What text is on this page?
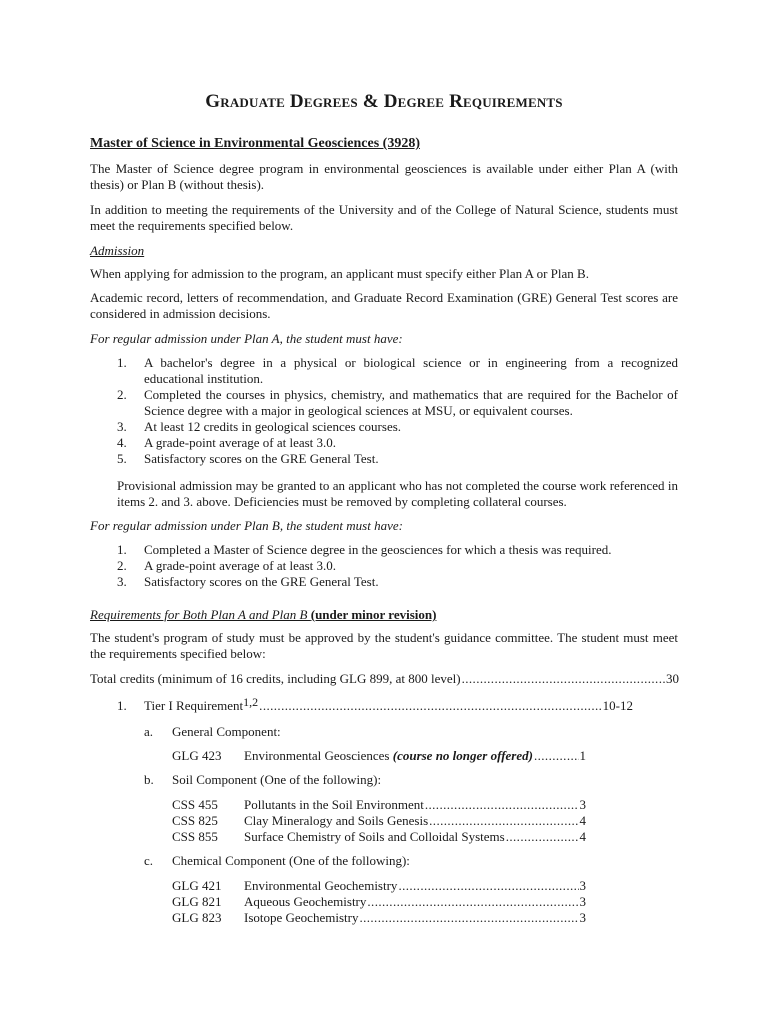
Graduate Degrees & Degree Requirements
Master of Science in Environmental Geosciences (3928)
The Master of Science degree program in environmental geosciences is available under either Plan A (with thesis) or Plan B (without thesis).
In addition to meeting the requirements of the University and of the College of Natural Science, students must meet the requirements specified below.
Admission
When applying for admission to the program, an applicant must specify either Plan A or Plan B.
Academic record, letters of recommendation, and Graduate Record Examination (GRE) General Test scores are considered in admission decisions.
For regular admission under Plan A, the student must have:
1. A bachelor's degree in a physical or biological science or in engineering from a recognized educational institution.
2. Completed the courses in physics, chemistry, and mathematics that are required for the Bachelor of Science degree with a major in geological sciences at MSU, or equivalent courses.
3. At least 12 credits in geological sciences courses.
4. A grade-point average of at least 3.0.
5. Satisfactory scores on the GRE General Test.
Provisional admission may be granted to an applicant who has not completed the course work referenced in items 2. and 3. above. Deficiencies must be removed by completing collateral courses.
For regular admission under Plan B, the student must have:
1. Completed a Master of Science degree in the geosciences for which a thesis was required.
2. A grade-point average of at least 3.0.
3. Satisfactory scores on the GRE General Test.
Requirements for Both Plan A and Plan B (under minor revision)
The student's program of study must be approved by the student's guidance committee. The student must meet the requirements specified below:
Total credits (minimum of 16 credits, including GLG 899, at 800 level) .....	30
1.	Tier I Requirement 1,2 .....	10-12
a.	General Component:
GLG 423	Environmental Geosciences
(course no longer offered) .....	1
b.	Soil Component (One of the following):
CSS 455	Pollutants in the Soil Environment .....	3
CSS 825	Clay Mineralogy and Soils Genesis .....	4
CSS 855	Surface Chemistry of Soils and Colloidal Systems .....	4
c.	Chemical Component (One of the following):
GLG 421	Environmental Geochemistry .....	3
GLG 821	Aqueous Geochemistry .....	3
GLG 823	Isotope Geochemistry .....	3
